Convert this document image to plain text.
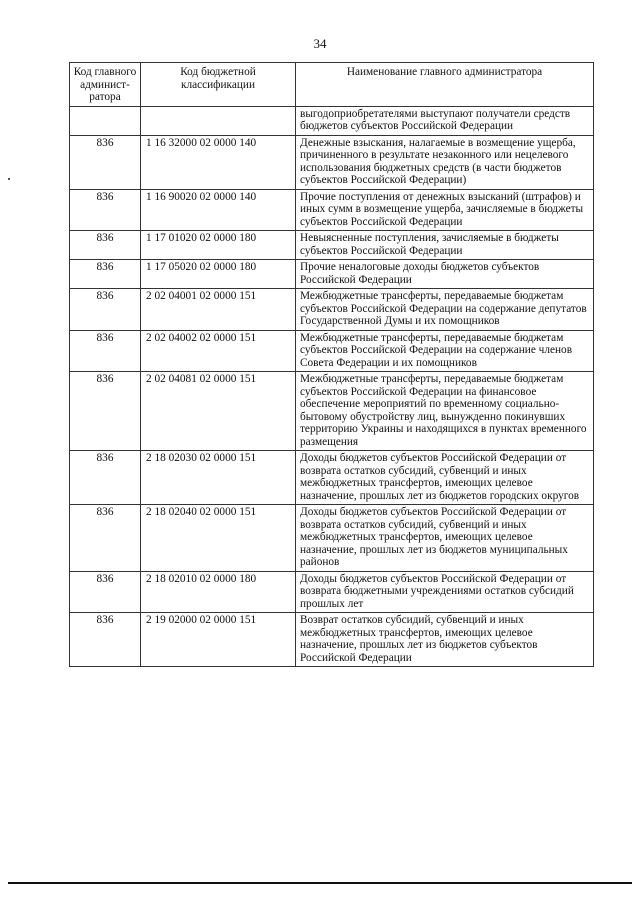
34
Код главного админист-ратора	Код бюджетной классификации	Наименование главного администратора
		выгодоприобретателями выступают получатели средств бюджетов субъектов Российской Федерации
836	1 16 32000 02 0000 140	Денежные взыскания, налагаемые в возмещение ущерба, причиненного в результате незаконного или нецелевого использования бюджетных средств (в части бюджетов субъектов Российской Федерации)
836	1 16 90020 02 0000 140	Прочие поступления от денежных взысканий (штрафов) и иных сумм в возмещение ущерба, зачисляемые в бюджеты субъектов Российской Федерации
836	1 17 01020 02 0000 180	Невыясненные поступления, зачисляемые в бюджеты субъектов Российской Федерации
836	1 17 05020 02 0000 180	Прочие неналоговые доходы бюджетов субъектов Российской Федерации
836	2 02 04001 02 0000 151	Межбюджетные трансферты, передаваемые бюджетам субъектов Российской Федерации на содержание депутатов Государственной Думы и их помощников
836	2 02 04002 02 0000 151	Межбюджетные трансферты, передаваемые бюджетам субъектов Российской Федерации на содержание членов Совета Федерации и их помощников
836	2 02 04081 02 0000 151	Межбюджетные трансферты, передаваемые бюджетам субъектов Российской Федерации на финансовое обеспечение мероприятий по временному социально-бытовому обустройству лиц, вынужденно покинувших территорию Украины и находящихся в пунктах временного размещения
836	2 18 02030 02 0000 151	Доходы бюджетов субъектов Российской Федерации от возврата остатков субсидий, субвенций и иных межбюджетных трансфертов, имеющих целевое назначение, прошлых лет из бюджетов городских округов
836	2 18 02040 02 0000 151	Доходы бюджетов субъектов Российской Федерации от возврата остатков субсидий, субвенций и иных межбюджетных трансфертов, имеющих целевое назначение, прошлых лет из бюджетов муниципальных районов
836	2 18 02010 02 0000 180	Доходы бюджетов субъектов Российской Федерации от возврата бюджетными учреждениями остатков субсидий прошлых лет
836	2 19 02000 02 0000 151	Возврат остатков субсидий, субвенций и иных межбюджетных трансфертов, имеющих целевое назначение, прошлых лет из бюджетов субъектов Российской Федерации
